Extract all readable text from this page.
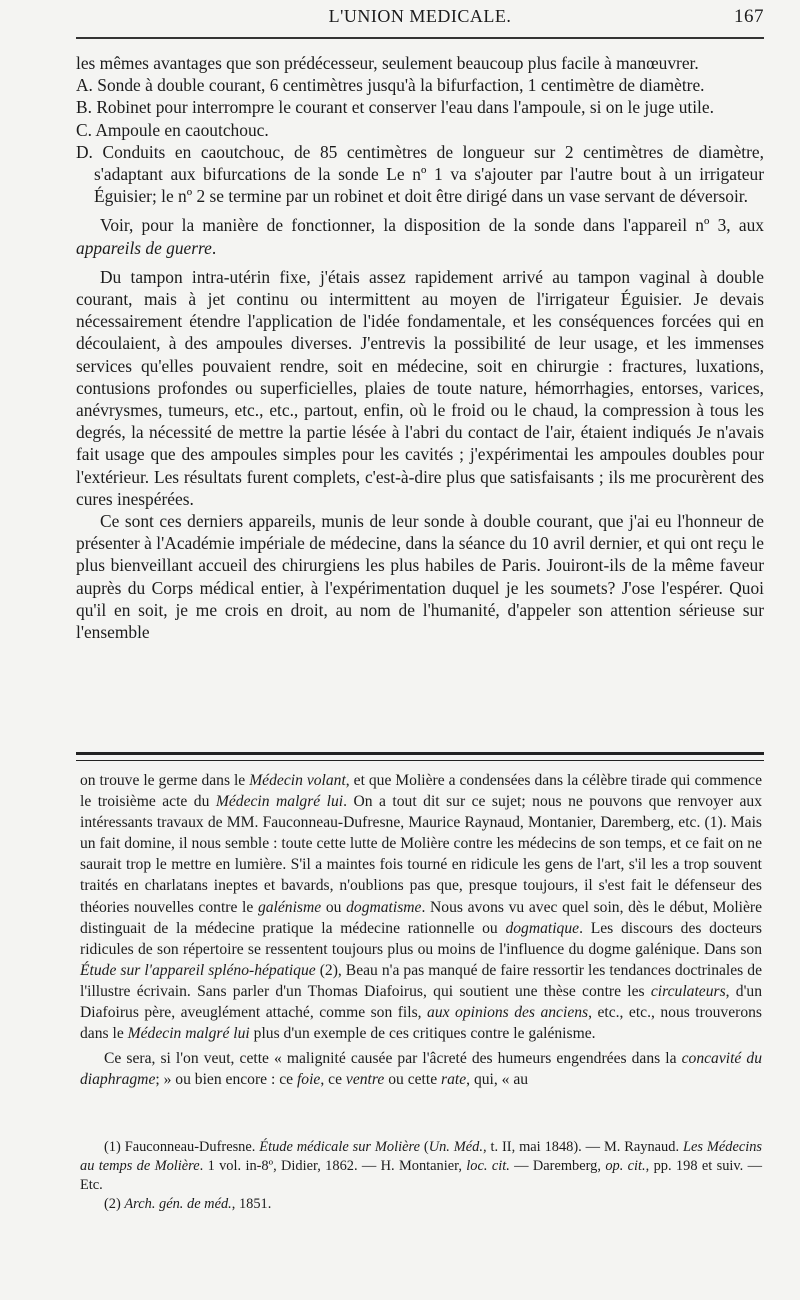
L'UNION MEDICALE.	167

les mêmes avantages que son prédécesseur, seulement beaucoup plus facile à manœuvrer.

A. Sonde à double courant, 6 centimètres jusqu'à la bifurfaction, 1 centimètre de diamètre.

B. Robinet pour interrompre le courant et conserver l'eau dans l'ampoule, si on le juge utile.

C. Ampoule en caoutchouc.

D. Conduits en caoutchouc, de 85 centimètres de longueur sur 2 centimètres de diamètre, s'adaptant aux bifurcations de la sonde Le nº 1 va s'ajouter par l'autre bout à un irrigateur Éguisier; le nº 2 se termine par un robinet et doit être dirigé dans un vase servant de déversoir.

Voir, pour la manière de fonctionner, la disposition de la sonde dans l'appareil nº 3, aux appareils de guerre.

Du tampon intra-utérin fixe, j'étais assez rapidement arrivé au tampon vaginal à double courant, mais à jet continu ou intermittent au moyen de l'irrigateur Éguisier. Je devais nécessairement étendre l'application de l'idée fondamentale, et les conséquences forcées qui en découlaient, à des ampoules diverses. J'entrevis la possibilité de leur usage, et les immenses services qu'elles pouvaient rendre, soit en médecine, soit en chirurgie : fractures, luxations, contusions profondes ou superficielles, plaies de toute nature, hémorrhagies, entorses, varices, anévrysmes, tumeurs, etc., etc., partout, enfin, où le froid ou le chaud, la compression à tous les degrés, la nécessité de mettre la partie lésée à l'abri du contact de l'air, étaient indiqués Je n'avais fait usage que des ampoules simples pour les cavités ; j'expérimentai les ampoules doubles pour l'extérieur. Les résultats furent complets, c'est-à-dire plus que satisfaisants ; ils me procurèrent des cures inespérées.

Ce sont ces derniers appareils, munis de leur sonde à double courant, que j'ai eu l'honneur de présenter à l'Académie impériale de médecine, dans la séance du 10 avril dernier, et qui ont reçu le plus bienveillant accueil des chirurgiens les plus habiles de Paris. Jouiront-ils de la même faveur auprès du Corps médical entier, à l'expérimentation duquel je les soumets? J'ose l'espérer. Quoi qu'il en soit, je me crois en droit, au nom de l'humanité, d'appeler son attention sérieuse sur l'ensemble

on trouve le germe dans le Médecin volant, et que Molière a condensées dans la célèbre tirade qui commence le troisième acte du Médecin malgré lui. On a tout dit sur ce sujet; nous ne pouvons que renvoyer aux intéressants travaux de MM. Fauconneau-Dufresne, Maurice Raynaud, Montanier, Daremberg, etc. (1). Mais un fait domine, il nous semble : toute cette lutte de Molière contre les médecins de son temps, et ce fait on ne saurait trop le mettre en lumière. S'il a maintes fois tourné en ridicule les gens de l'art, s'il les a trop souvent traités en charlatans ineptes et bavards, n'oublions pas que, presque toujours, il s'est fait le défenseur des théories nouvelles contre le galénisme ou dogmatisme. Nous avons vu avec quel soin, dès le début, Molière distinguait de la médecine pratique la médecine rationnelle ou dogmatique. Les discours des docteurs ridicules de son répertoire se ressentent toujours plus ou moins de l'influence du dogme galénique. Dans son Étude sur l'appareil spléno-hépatique (2), Beau n'a pas manqué de faire ressortir les tendances doctrinales de l'illustre écrivain. Sans parler d'un Thomas Diafoirus, qui soutient une thèse contre les circulateurs, d'un Diafoirus père, aveuglément attaché, comme son fils, aux opinions des anciens, etc., etc., nous trouverons dans le Médecin malgré lui plus d'un exemple de ces critiques contre le galénisme.

Ce sera, si l'on veut, cette « malignité causée par l'âcreté des humeurs engendrées dans la concavité du diaphragme; » ou bien encore : ce foie, ce ventre ou cette rate, qui, « au

(1) Fauconneau-Dufresne. Étude médicale sur Molière (Un. Méd., t. II, mai 1848). — M. Raynaud. Les Médecins au temps de Molière. 1 vol. in-8º, Didier, 1862. — H. Montanier, loc. cit. — Daremberg, op. cit., pp. 198 et suiv. — Etc.

(2) Arch. gén. de méd., 1851.
